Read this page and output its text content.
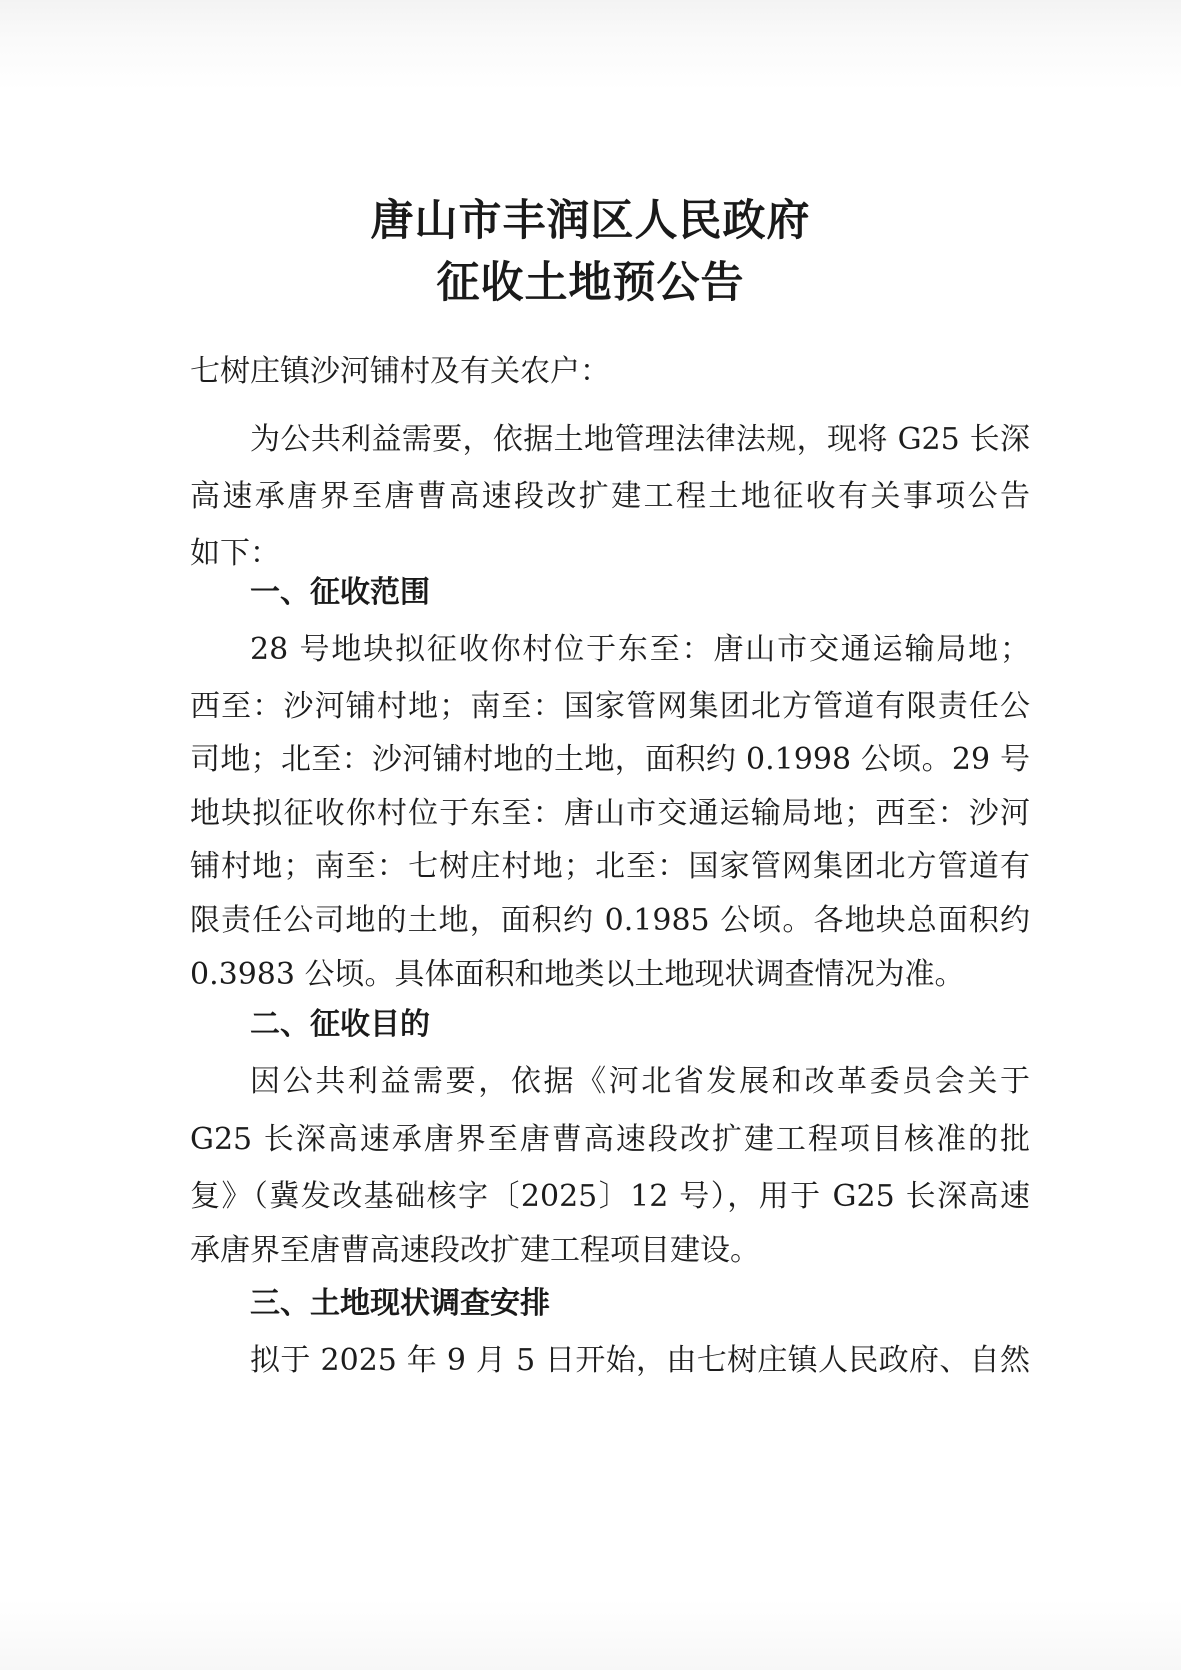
唐山市丰润区人民政府
征收土地预公告
七树庄镇沙河铺村及有关农户：
为公共利益需要，依据土地管理法律法规，现将 G25 长深
高速承唐界至唐曹高速段改扩建工程土地征收有关事项公告
如下：
一、征收范围
28 号地块拟征收你村位于东至：唐山市交通运输局地；
西至：沙河铺村地；南至：国家管网集团北方管道有限责任公
司地；北至：沙河铺村地的土地，面积约 0.1998 公顷。29 号
地块拟征收你村位于东至：唐山市交通运输局地；西至：沙河
铺村地；南至：七树庄村地；北至：国家管网集团北方管道有
限责任公司地的土地，面积约 0.1985 公顷。各地块总面积约
0.3983 公顷。具体面积和地类以土地现状调查情况为准。
二、征收目的
因公共利益需要，依据《河北省发展和改革委员会关于
G25 长深高速承唐界至唐曹高速段改扩建工程项目核准的批
复》（冀发改基础核字〔2025〕12 号），用于 G25 长深高速
承唐界至唐曹高速段改扩建工程项目建设。
三、土地现状调查安排
拟于 2025 年 9 月 5 日开始，由七树庄镇人民政府、自然
